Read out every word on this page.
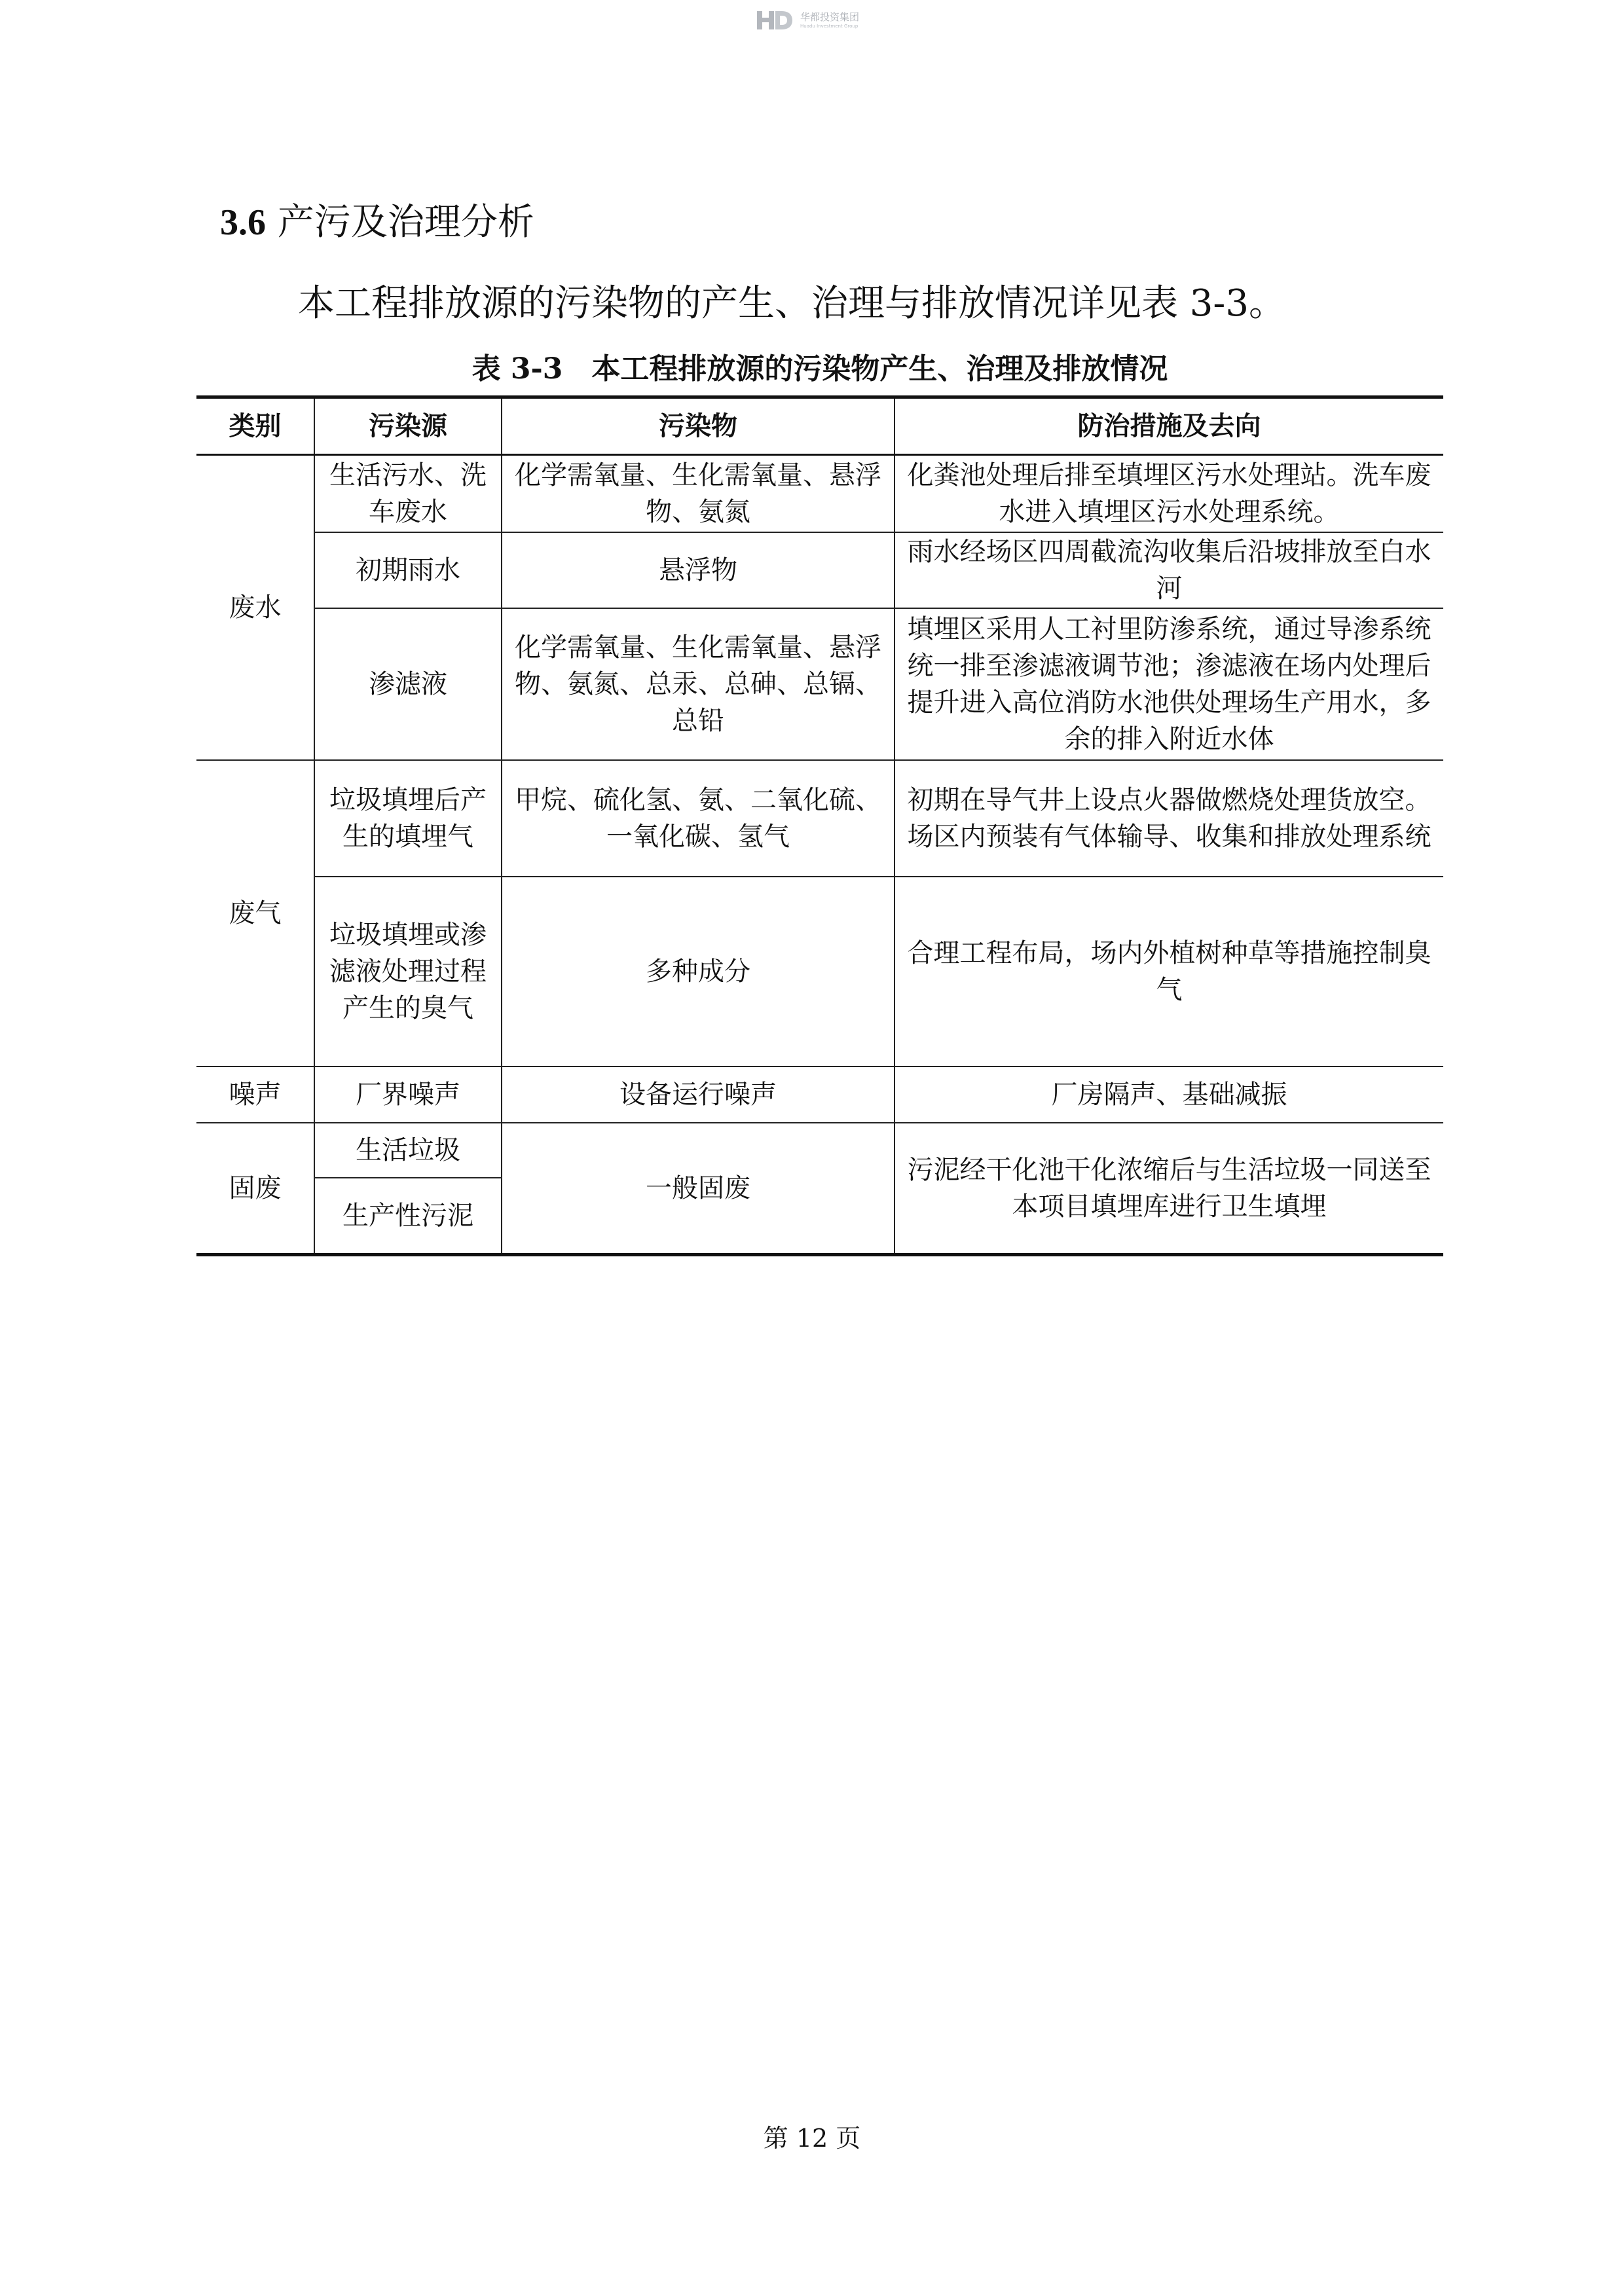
华都投资集团
Huadu Investment Group
3.6 产污及治理分析
本工程排放源的污染物的产生、治理与排放情况详见表 3-3。
表 3-3　本工程排放源的污染物产生、治理及排放情况
类别	污染源	污染物	防治措施及去向
废水	生活污水、洗车废水	化学需氧量、生化需氧量、悬浮物、氨氮	化粪池处理后排至填埋区污水处理站。洗车废水进入填埋区污水处理系统。
	初期雨水	悬浮物	雨水经场区四周截流沟收集后沿坡排放至白水河
	渗滤液	化学需氧量、生化需氧量、悬浮物、氨氮、总汞、总砷、总镉、总铅	填埋区采用人工衬里防渗系统，通过导渗系统统一排至渗滤液调节池；渗滤液在场内处理后提升进入高位消防水池供处理场生产用水，多余的排入附近水体
废气	垃圾填埋后产生的填埋气	甲烷、硫化氢、氨、二氧化硫、一氧化碳、氢气	初期在导气井上设点火器做燃烧处理货放空。场区内预装有气体输导、收集和排放处理系统
	垃圾填埋或渗滤液处理过程产生的臭气	多种成分	合理工程布局，场内外植树种草等措施控制臭气
噪声	厂界噪声	设备运行噪声	厂房隔声、基础减振
固废	生活垃圾	一般固废	污泥经干化池干化浓缩后与生活垃圾一同送至本项目填埋库进行卫生填埋
	生产性污泥		
第 12 页
